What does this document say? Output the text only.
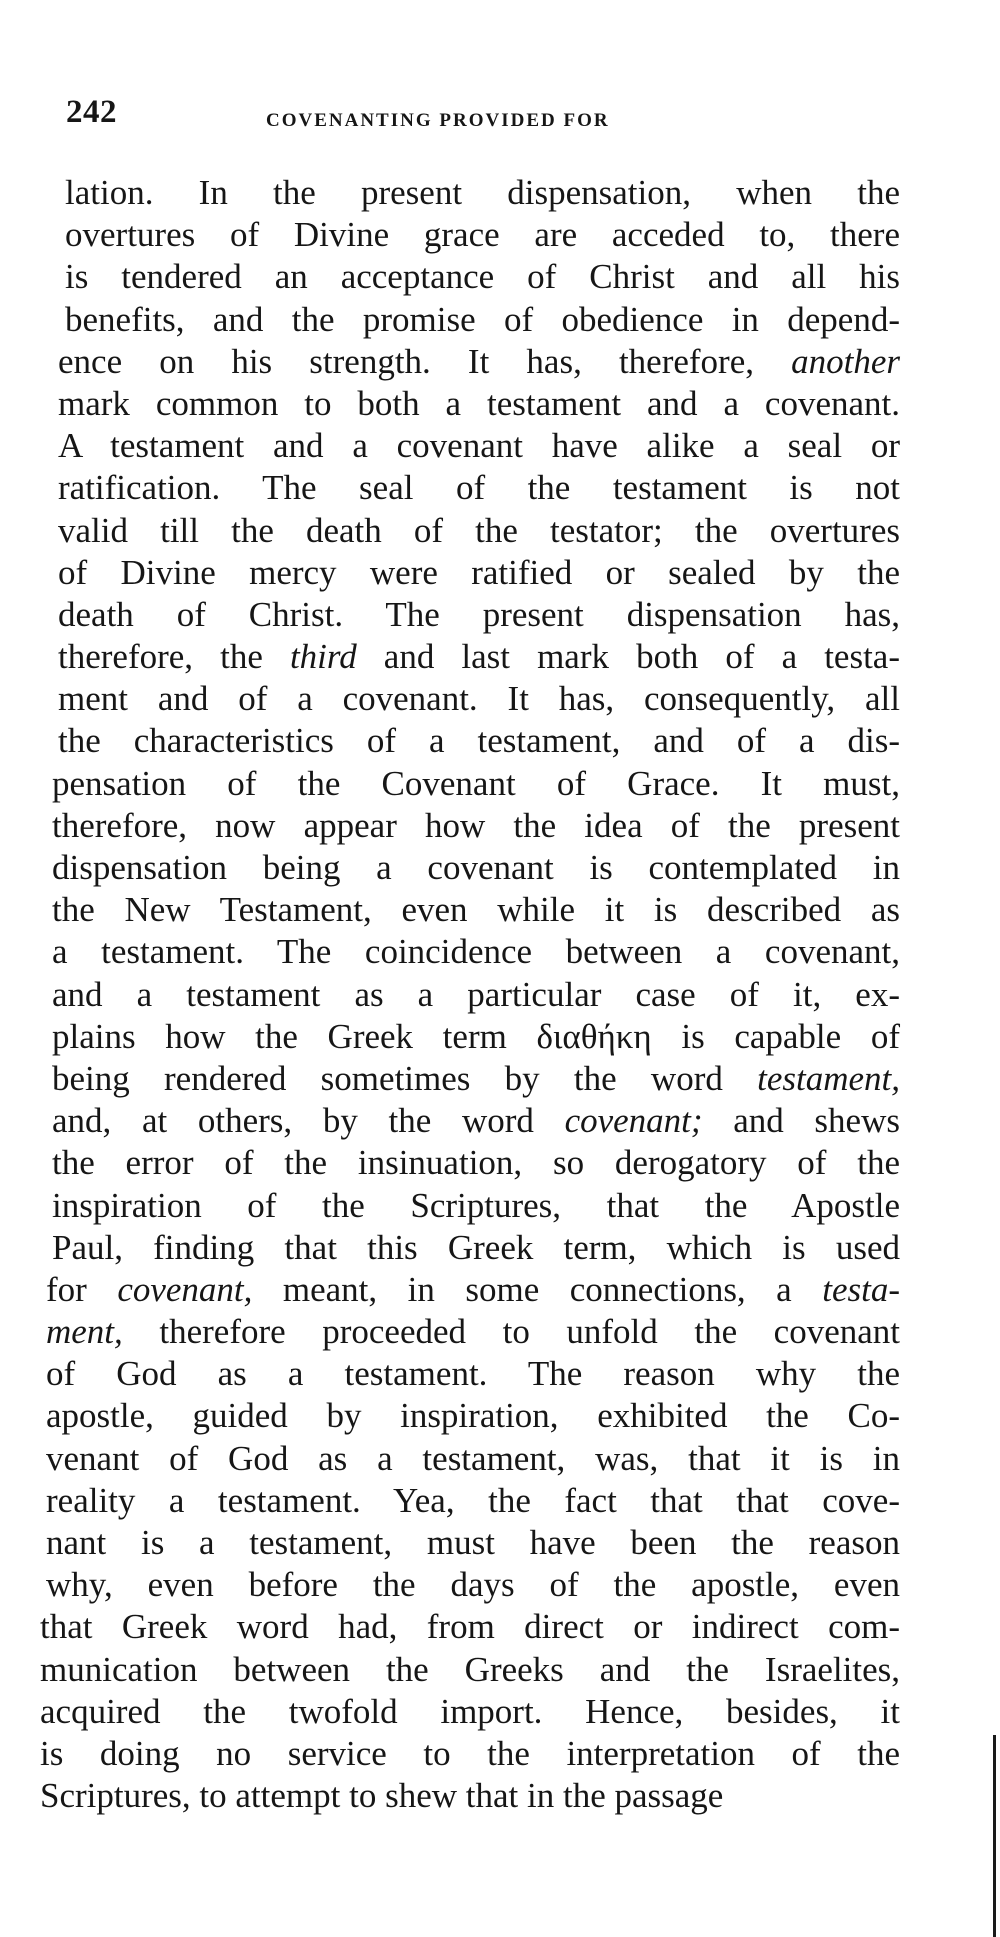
242	COVENANTING PROVIDED FOR
lation. In the present dispensation, when the
overtures of Divine grace are acceded to, there
is tendered an acceptance of Christ and all his
benefits, and the promise of obedience in depend-
ence on his strength. It has, therefore, another
mark common to both a testament and a covenant.
A testament and a covenant have alike a seal or
ratification. The seal of the testament is not
valid till the death of the testator; the overtures
of Divine mercy were ratified or sealed by the
death of Christ. The present dispensation has,
therefore, the third and last mark both of a testa-
ment and of a covenant. It has, consequently, all
the characteristics of a testament, and of a dis-
pensation of the Covenant of Grace. It must,
therefore, now appear how the idea of the present
dispensation being a covenant is contemplated in
the New Testament, even while it is described as
a testament. The coincidence between a covenant,
and a testament as a particular case of it, ex-
plains how the Greek term διαθήκη is capable of
being rendered sometimes by the word testament,
and, at others, by the word covenant; and shews
the error of the insinuation, so derogatory of the
inspiration of the Scriptures, that the Apostle
Paul, finding that this Greek term, which is used
for covenant, meant, in some connections, a testa-
ment, therefore proceeded to unfold the covenant
of God as a testament. The reason why the
apostle, guided by inspiration, exhibited the Co-
venant of God as a testament, was, that it is in
reality a testament. Yea, the fact that that cove-
nant is a testament, must have been the reason
why, even before the days of the apostle, even
that Greek word had, from direct or indirect com-
munication between the Greeks and the Israelites,
acquired the twofold import. Hence, besides, it
is doing no service to the interpretation of the
Scriptures, to attempt to shew that in the passage
